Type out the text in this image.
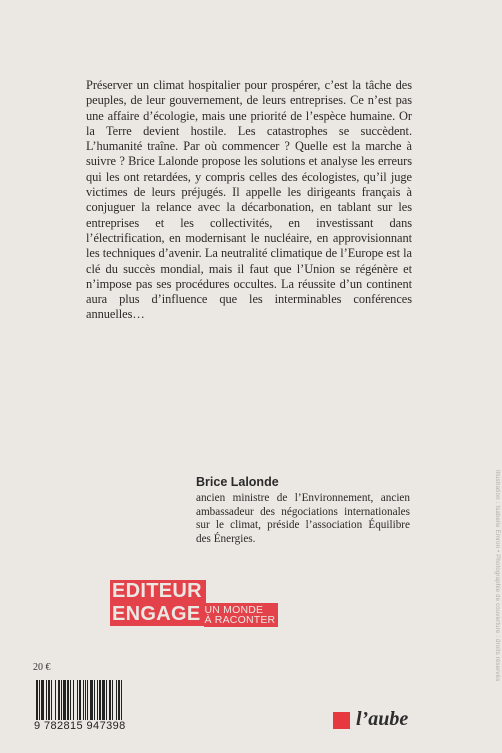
Préserver un climat hospitalier pour prospérer, c’est la tâche des peuples, de leur gouvernement, de leurs entreprises. Ce n’est pas une affaire d’écologie, mais une priorité de l’espèce humaine. Or la Terre devient hostile. Les catastrophes se succèdent. L’humanité traîne. Par où commencer ? Quelle est la marche à suivre ? Brice Lalonde propose les solutions et analyse les erreurs qui les ont retardées, y compris celles des écologistes, qu’il juge victimes de leurs préjugés. Il appelle les dirigeants français à conjuguer la relance avec la décarbonation, en tablant sur les entreprises et les collectivités, en investissant dans l’électrification, en modernisant le nucléaire, en approvisionnant les techniques d’avenir. La neutralité climatique de l’Europe est la clé du succès mondial, mais il faut que l’Union se régénère et n’impose pas ses procédures occultes. La réussite d’un continent aura plus d’influence que les interminables conférences annuelles…

Brice Lalonde

ancien ministre de l’Environnement, ancien ambassadeur des négociations internationales sur le climat, préside l’association Équilibre des Énergies.

EDITEUR
ENGAGE UN MONDE
À RACONTER
20 €
9 782815 947398	l’aube
Illustration : Isabelle Emron • Photographie de couverture : droits réservés
